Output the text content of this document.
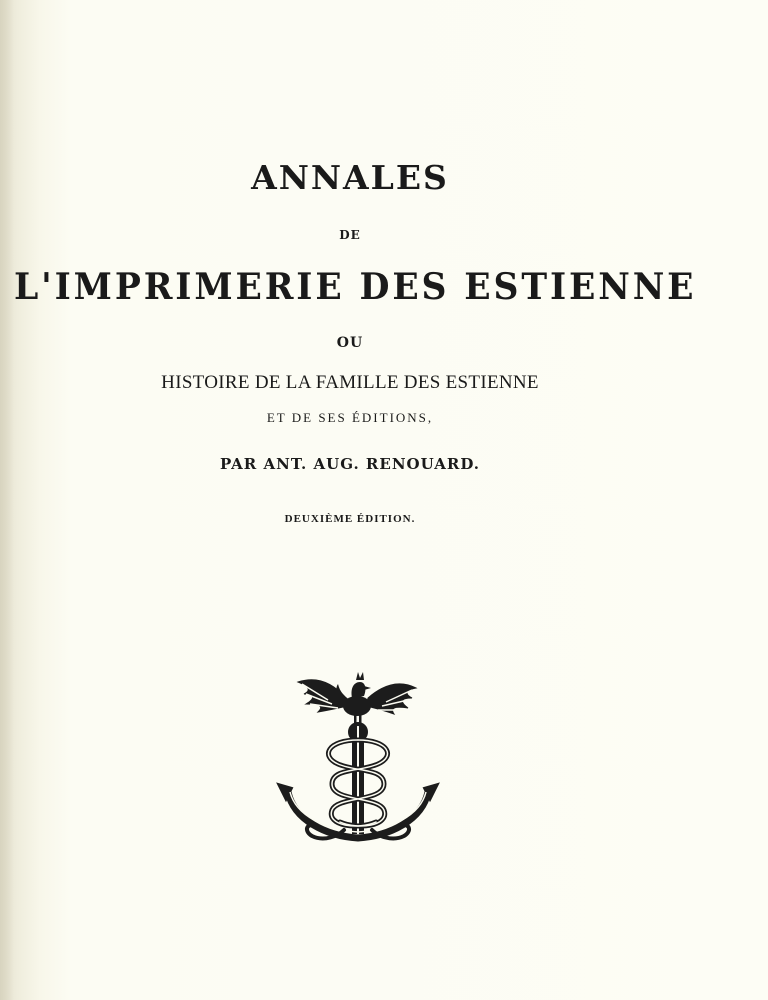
ANNALES
DE
L'IMPRIMERIE DES ESTIENNE
OU
HISTOIRE DE LA FAMILLE DES ESTIENNE
ET DE SES ÉDITIONS,
PAR ANT. AUG. RENOUARD.
DEUXIÈME ÉDITION.
